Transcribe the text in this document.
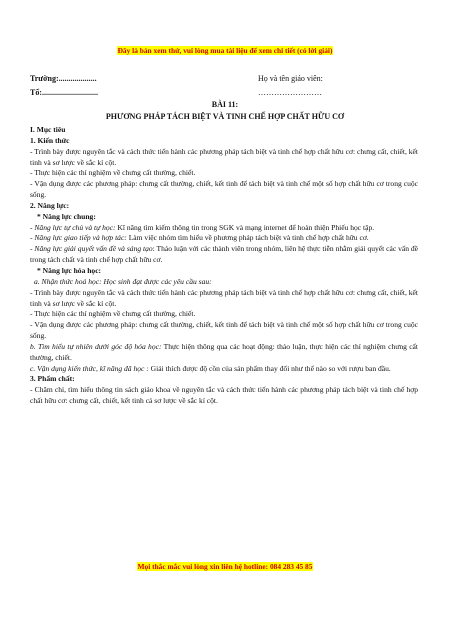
Đây là bản xem thử, vui lòng mua tài liệu để xem chi tiết (có lời giải)
Trường:...................
Tổ:............................
Họ và tên giáo viên:
……………………
BÀI 11:
PHƯƠNG PHÁP TÁCH BIỆT VÀ TINH CHẾ HỢP CHẤT HỮU CƠ

I. Mục tiêu

1. Kiến thức

- Trình bày được nguyên tắc và cách thức tiến hành các phương pháp tách biệt và tinh chế hợp chất hữu cơ: chưng cất, chiết, kết tinh và sơ lược về sắc kí cột.

- Thực hiện các thí nghiệm về chưng cất thường, chiết.

- Vận dụng được các phương pháp: chưng cất thường, chiết, kết tinh để tách biệt và tinh chế một số hợp chất hữu cơ trong cuộc sống.

2. Năng lực:

* Năng lực chung:

- Năng lực tự chủ và tự học: Kĩ năng tìm kiếm thông tin trong SGK và mạng internet để hoàn thiện Phiếu học tập.

- Năng lực giao tiếp và hợp tác: Làm việc nhóm tìm hiểu về phương pháp tách biệt và tinh chế hợp chất hữu cơ.

- Năng lực giải quyết vấn đề và sáng tạo: Thảo luận với các thành viên trong nhóm, liên hệ thực tiễn nhằm giải quyết các vấn đề trong tách chất và tinh chế hợp chất hữu cơ.

* Năng lực hóa học:

a. Nhận thức hoá học: Học sinh đạt được các yêu cầu sau:

- Trình bày được nguyên tắc và cách thức tiến hành các phương pháp tách biệt và tinh chế hợp chất hữu cơ: chưng cất, chiết, kết tinh và sơ lược về sắc kí cột.

- Thực hiện các thí nghiệm về chưng cất thường, chiết.

- Vận dụng được các phương pháp: chưng cất thường, chiết, kết tinh để tách biệt và tinh chế một số hợp chất hữu cơ trong cuộc sống.

b. Tìm hiểu tự nhiên dưới góc độ hóa học: Thực hiện thông qua các hoạt động: thảo luận, thực hiện các thí nghiệm chưng cất thường, chiết.

c. Vận dụng kiến thức, kĩ năng đã học : Giải thích được độ cồn của sản phẩm thay đổi như thế nào so với rượu ban đầu.

3. Phẩm chất:

- Chăm chỉ, tìm hiểu thông tin sách giáo khoa về nguyên tắc và cách thức tiến hành các phương pháp tách biệt và tinh chế hợp chất hữu cơ: chưng cất, chiết, kết tinh cả sơ lược về sắc kí cột.

Mọi thắc mắc vui lòng xin liên hệ hotline: 084 283 45 85
